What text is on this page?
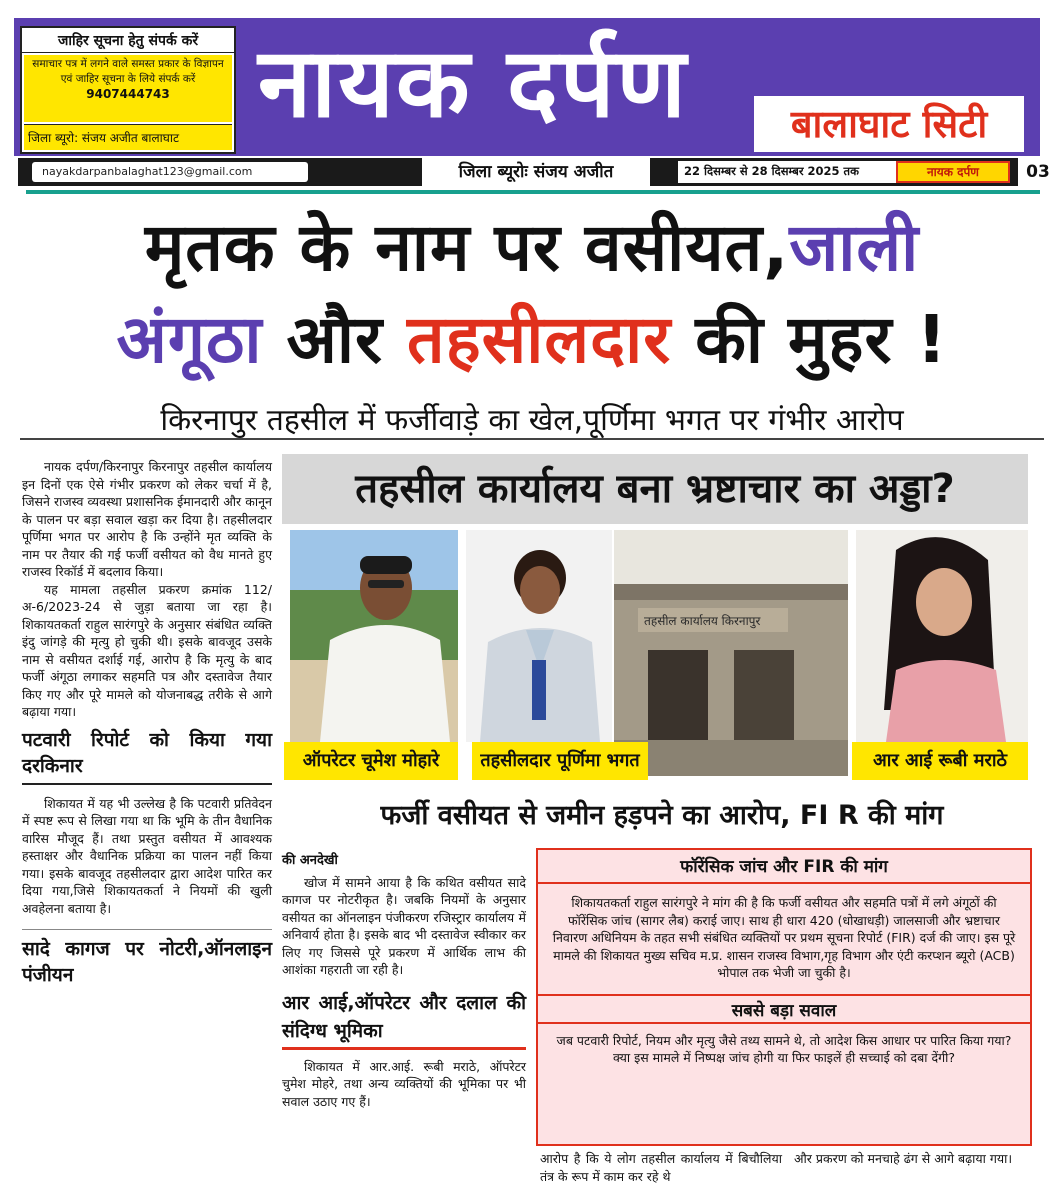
जाहिर सूचना हेतु संपर्क करें
समाचार पत्र में लगने वाले समस्त प्रकार के विज्ञापन एवं जाहिर सूचना के लिये संपर्क करें 9407444743
जिला ब्यूरो: संजय अजीत बालाघाट नायक दर्पण	बालाघाट सिटी
nayakdarpanbalaghat123@gmail.com	जिला ब्यूरोः संजय अजीत	22 दिसम्बर से 28 दिसम्बर 2025 तक	नायक दर्पण	03
मृतक के नाम पर वसीयत,जाली
अंगूठा और तहसीलदार की मुहर !
किरनापुर तहसील में फर्जीवाड़े का खेल,पूर्णिमा भगत पर गंभीर आरोप

नायक दर्पण/किरनापुर किरनापुर तहसील कार्यालय इन दिनों एक ऐसे गंभीर प्रकरण को लेकर चर्चा में है, जिसने राजस्व व्यवस्था प्रशासनिक ईमानदारी और कानून के पालन पर बड़ा सवाल खड़ा कर दिया है। तहसीलदार पूर्णिमा भगत पर आरोप है कि उन्होंने मृत व्यक्ति के नाम पर तैयार की गई फर्जी वसीयत को वैध मानते हुए राजस्व रिकॉर्ड में बदलाव किया।

यह मामला तहसील प्रकरण क्रमांक 112/अ-6/2023-24 से जुड़ा बताया जा रहा है। शिकायतकर्ता राहुल सारंगपुरे के अनुसार संबंधित व्यक्ति इंदु जांगड़े की मृत्यु हो चुकी थी। इसके बावजूद उसके नाम से वसीयत दर्शाई गई, आरोप है कि मृत्यु के बाद फर्जी अंगूठा लगाकर सहमति पत्र और दस्तावेज तैयार किए गए और पूरे मामले को योजनाबद्ध तरीके से आगे बढ़ाया गया।

पटवारी रिपोर्ट को किया गया दरकिनार

शिकायत में यह भी उल्लेख है कि पटवारी प्रतिवेदन में स्पष्ट रूप से लिखा गया था कि भूमि के तीन वैधानिक वारिस मौजूद हैं। तथा प्रस्तुत वसीयत में आवश्यक हस्ताक्षर और वैधानिक प्रक्रिया का पालन नहीं किया गया। इसके बावजूद तहसीलदार द्वारा आदेश पारित कर दिया गया,जिसे शिकायतकर्ता ने नियमों की खुली अवहेलना बताया है।

सादे कागज पर नोटरी,ऑनलाइन पंजीयन
तहसील कार्यालय बना भ्रष्टाचार का अड्डा?
तहसील कार्यालय किरनापुर
ऑपरेटर चूमेश मोहारे	तहसीलदार पूर्णिमा भगत	आर आई रूबी मराठे
फर्जी वसीयत से जमीन हड़पने का आरोप, FI R की मांग
की अनदेखी

खोज में सामने आया है कि कथित वसीयत सादे कागज पर नोटरीकृत है। जबकि नियमों के अनुसार वसीयत का ऑनलाइन पंजीकरण रजिस्ट्रार कार्यालय में अनिवार्य होता है। इसके बाद भी दस्तावेज स्वीकार कर लिए गए जिससे पूरे प्रकरण में आर्थिक लाभ की आशंका गहराती जा रही है।

आर आई,ऑपरेटर और दलाल की संदिग्ध भूमिका

शिकायत में आर.आई. रूबी मराठे, ऑपरेटर चुमेश मोहरे, तथा अन्य व्यक्तियों की भूमिका पर भी सवाल उठाए गए हैं।

फॉरेंसिक जांच और FIR की मांग
शिकायतकर्ता राहुल सारंगपुरे ने मांग की है कि फर्जी वसीयत और सहमति पत्रों में लगे अंगूठों की फॉरेंसिक जांच (सागर लैब) कराई जाए। साथ ही धारा 420 (धोखाधड़ी) जालसाजी और भ्रष्टाचार निवारण अधिनियम के तहत सभी संबंधित व्यक्तियों पर प्रथम सूचना रिपोर्ट (FIR) दर्ज की जाए। इस पूरे मामले की शिकायत मुख्य सचिव म.प्र. शासन राजस्व विभाग,गृह विभाग और एंटी करप्शन ब्यूरो (ACB) भोपाल तक भेजी जा चुकी है।
सबसे बड़ा सवाल
जब पटवारी रिपोर्ट, नियम और मृत्यु जैसे तथ्य सामने थे, तो आदेश किस आधार पर पारित किया गया? क्या इस मामले में निष्पक्ष जांच होगी या फिर फाइलें ही सच्चाई को दबा देंगी?
आरोप है कि ये लोग तहसील कार्यालय में बिचौलिया तंत्र के रूप में काम कर रहे थे
और प्रकरण को मनचाहे ढंग से आगे बढ़ाया गया।
